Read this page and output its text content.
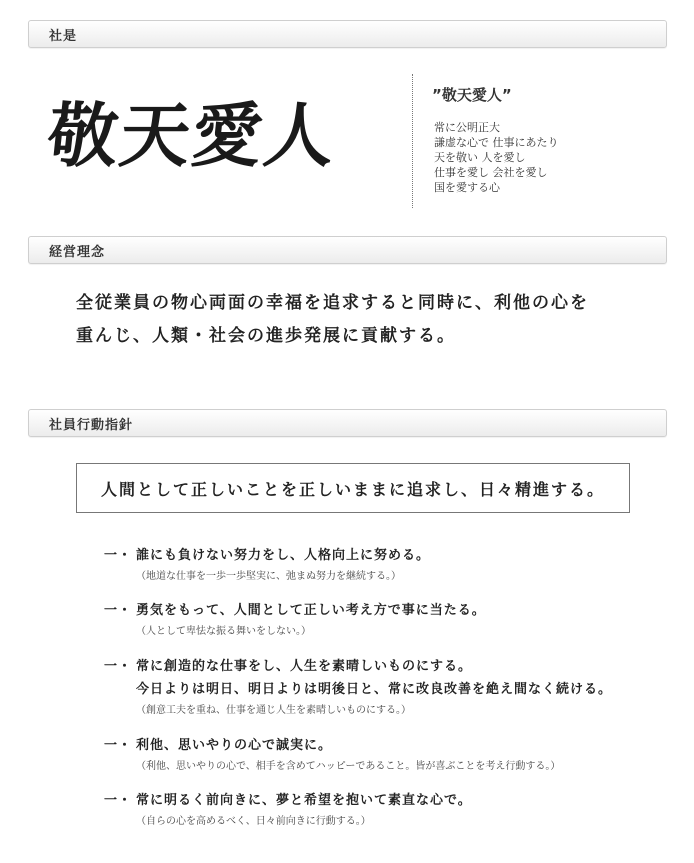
社是
敬天愛人	”敬天愛人”
常に公明正大
謙虚な心で 仕事にあたり
天を敬い 人を愛し
仕事を愛し 会社を愛し
国を愛する心
経営理念
全従業員の物心両面の幸福を追求すると同時に、利他の心を
重んじ、人類・社会の進歩発展に貢献する。
社員行動指針
人間として正しいことを正しいままに追求し、日々精進する。
一・ 誰にも負けない努力をし、人格向上に努める。
（地道な仕事を一歩一歩堅実に、弛まぬ努力を継続する。）
一・ 勇気をもって、人間として正しい考え方で事に当たる。
（人として卑怯な振る舞いをしない。）
一・ 常に創造的な仕事をし、人生を素晴しいものにする。
今日よりは明日、明日よりは明後日と、常に改良改善を絶え間なく続ける。
（創意工夫を重ね、仕事を通じ人生を素晴しいものにする。）
一・ 利他、思いやりの心で誠実に。
（利他、思いやりの心で、相手を含めてハッピーであること。皆が喜ぶことを考え行動する。）
一・ 常に明るく前向きに、夢と希望を抱いて素直な心で。
（自らの心を高めるべく、日々前向きに行動する。）
